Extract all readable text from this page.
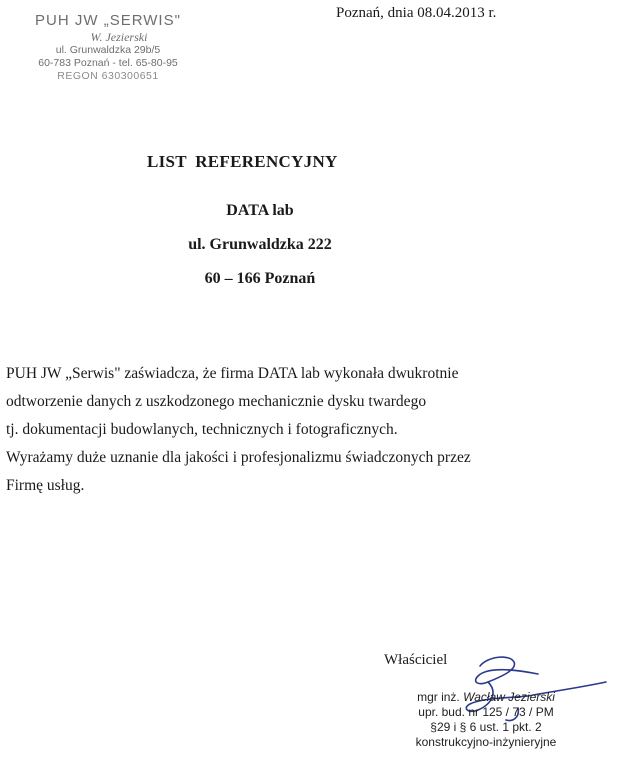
PUH JW „SERWIS"
W. Jezierski
ul. Grunwaldzka 29b/5
60-783 Poznań - tel. 65-80-95
REGON 630300651
Poznań, dnia 08.04.2013 r.
LIST REFERENCYJNY
DATA lab
ul. Grunwaldzka 222
60 – 166 Poznań

PUH JW „Serwis" zaświadcza, że firma DATA lab wykonała dwukrotnie

odtworzenie danych z uszkodzonego mechanicznie dysku twardego

tj. dokumentacji budowlanych, technicznych i fotograficznych.

Wyrażamy duże uznanie dla jakości i profesjonalizmu świadczonych przez

Firmę usług.

Właściciel
mgr inż. Wacław Jezierski
upr. bud. nr 125 / 73 / PM
§29 i § 6 ust. 1 pkt. 2
konstrukcyjno-inżynieryjne
